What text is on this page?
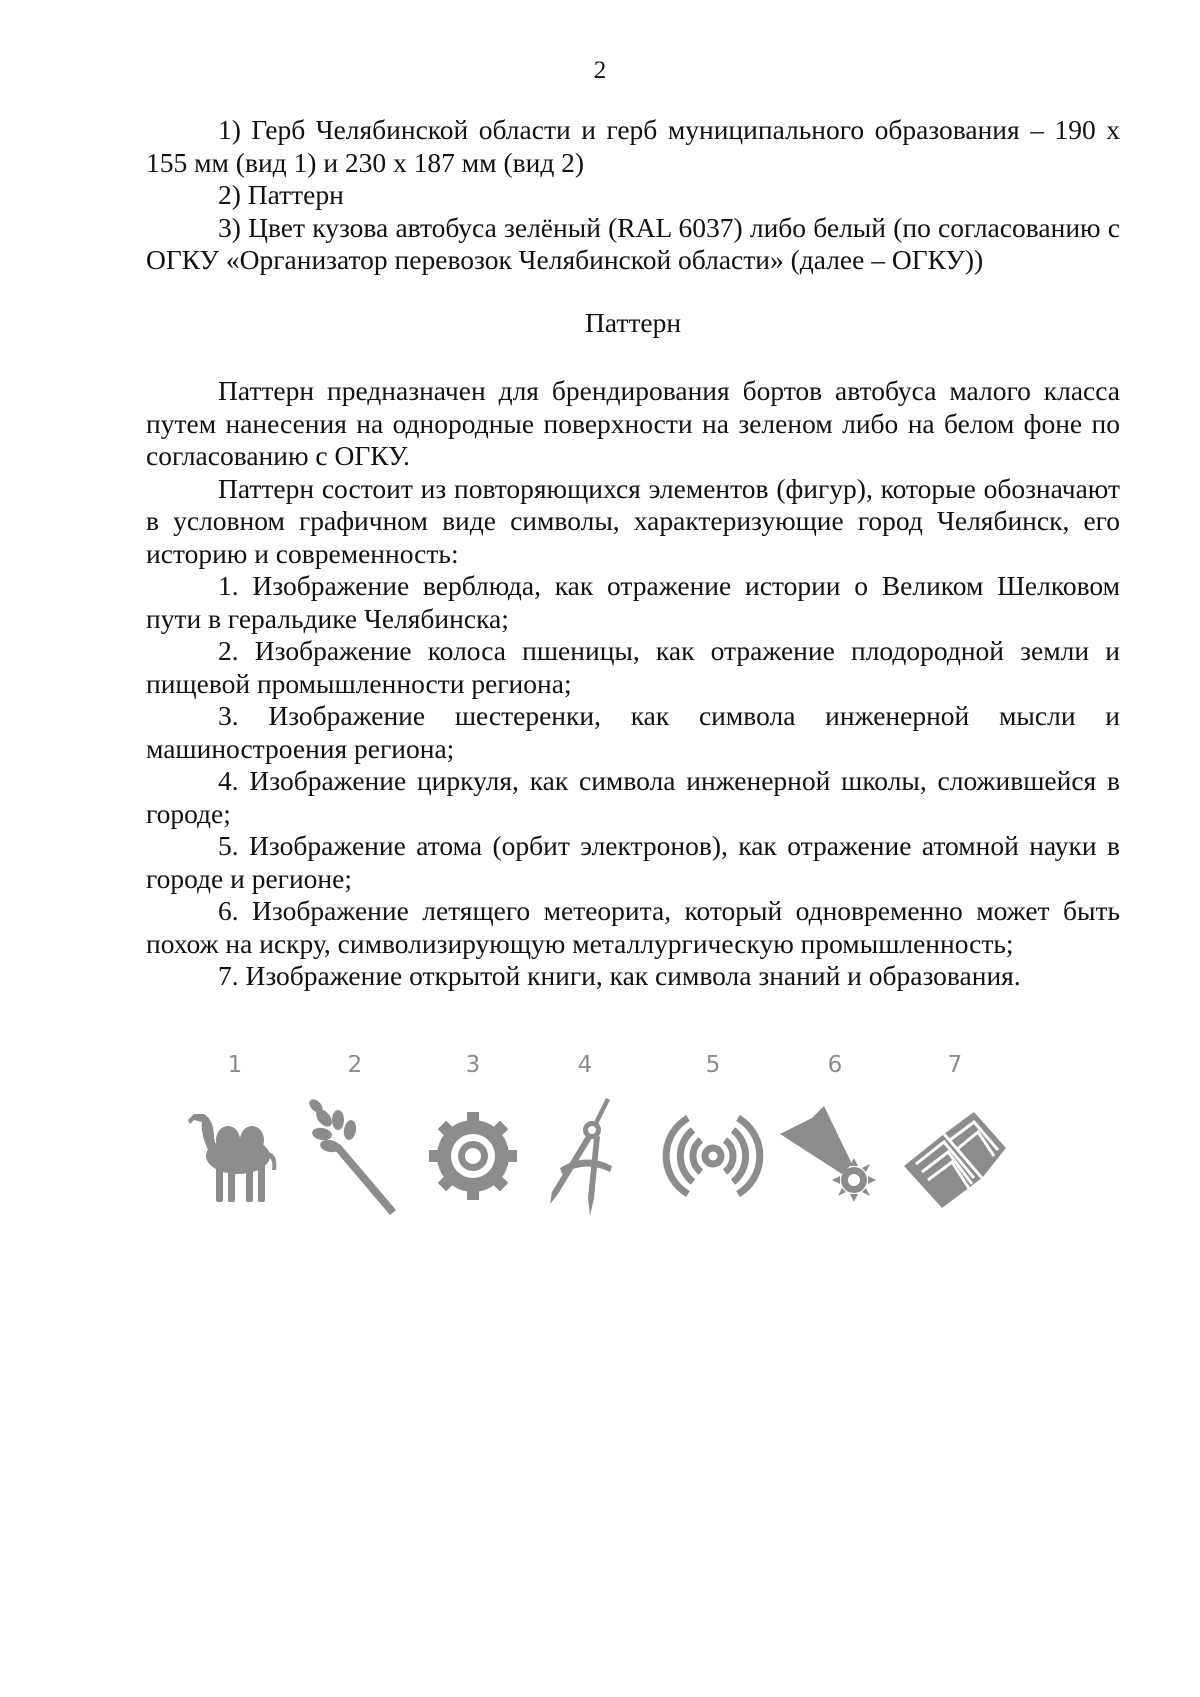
2

1) Герб Челябинской области и герб муниципального образования – 190 х 155 мм (вид 1) и 230 х 187 мм (вид 2)

2) Паттерн

3) Цвет кузова автобуса зелёный (RAL 6037) либо белый (по согласованию с ОГКУ «Организатор перевозок Челябинской области» (далее – ОГКУ))

Паттерн

Паттерн предназначен для брендирования бортов автобуса малого класса путем нанесения на однородные поверхности на зеленом либо на белом фоне по согласованию с ОГКУ.

Паттерн состоит из повторяющихся элементов (фигур), которые обозначают в условном графичном виде символы, характеризующие город Челябинск, его историю и современность:

1. Изображение верблюда, как отражение истории о Великом Шелковом пути в геральдике Челябинска;

2. Изображение колоса пшеницы, как отражение плодородной земли и пищевой промышленности региона;

3. Изображение шестеренки, как символа инженерной мысли и машиностроения региона;

4. Изображение циркуля, как символа инженерной школы, сложившейся в городе;

5. Изображение атома (орбит электронов), как отражение атомной науки в городе и регионе;

6. Изображение летящего метеорита, который одновременно может быть похож на искру, символизирующую металлургическую промышленность;

7. Изображение открытой книги, как символа знаний и образования.

1	2	3	4	5	6	7
